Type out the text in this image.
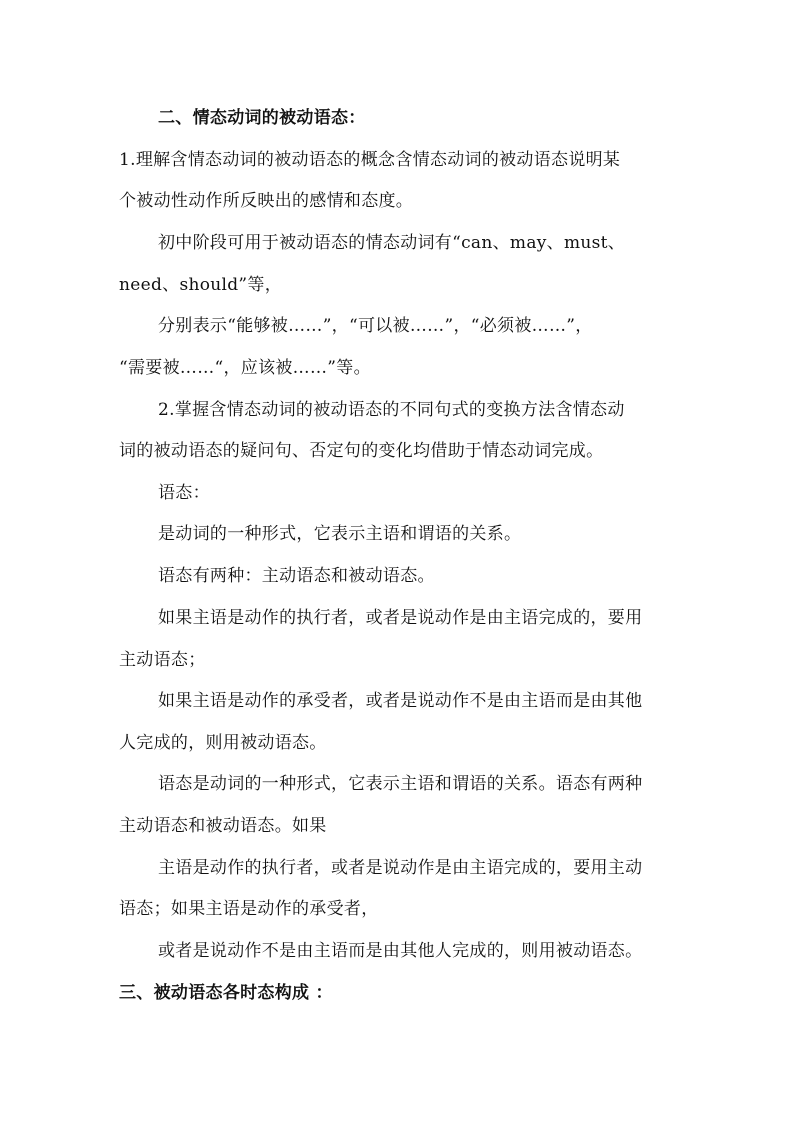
二、情态动词的被动语态：
1.理解含情态动词的被动语态的概念含情态动词的被动语态说明某
个被动性动作所反映出的感情和态度。
初中阶段可用于被动语态的情态动词有“can、may、must、
need、should”等，
分别表示“能够被……”，“可以被……”，“必须被……”，
“需要被……“，应该被……”等。
2.掌握含情态动词的被动语态的不同句式的变换方法含情态动
词的被动语态的疑问句、否定句的变化均借助于情态动词完成。
语态：
是动词的一种形式，它表示主语和谓语的关系。
语态有两种：主动语态和被动语态。
如果主语是动作的执行者，或者是说动作是由主语完成的，要用
主动语态；
如果主语是动作的承受者，或者是说动作不是由主语而是由其他
人完成的，则用被动语态。
语态是动词的一种形式，它表示主语和谓语的关系。语态有两种
主动语态和被动语态。如果
主语是动作的执行者，或者是说动作是由主语完成的，要用主动
语态；如果主语是动作的承受者，
或者是说动作不是由主语而是由其他人完成的，则用被动语态。
三、被动语态各时态构成 ：
